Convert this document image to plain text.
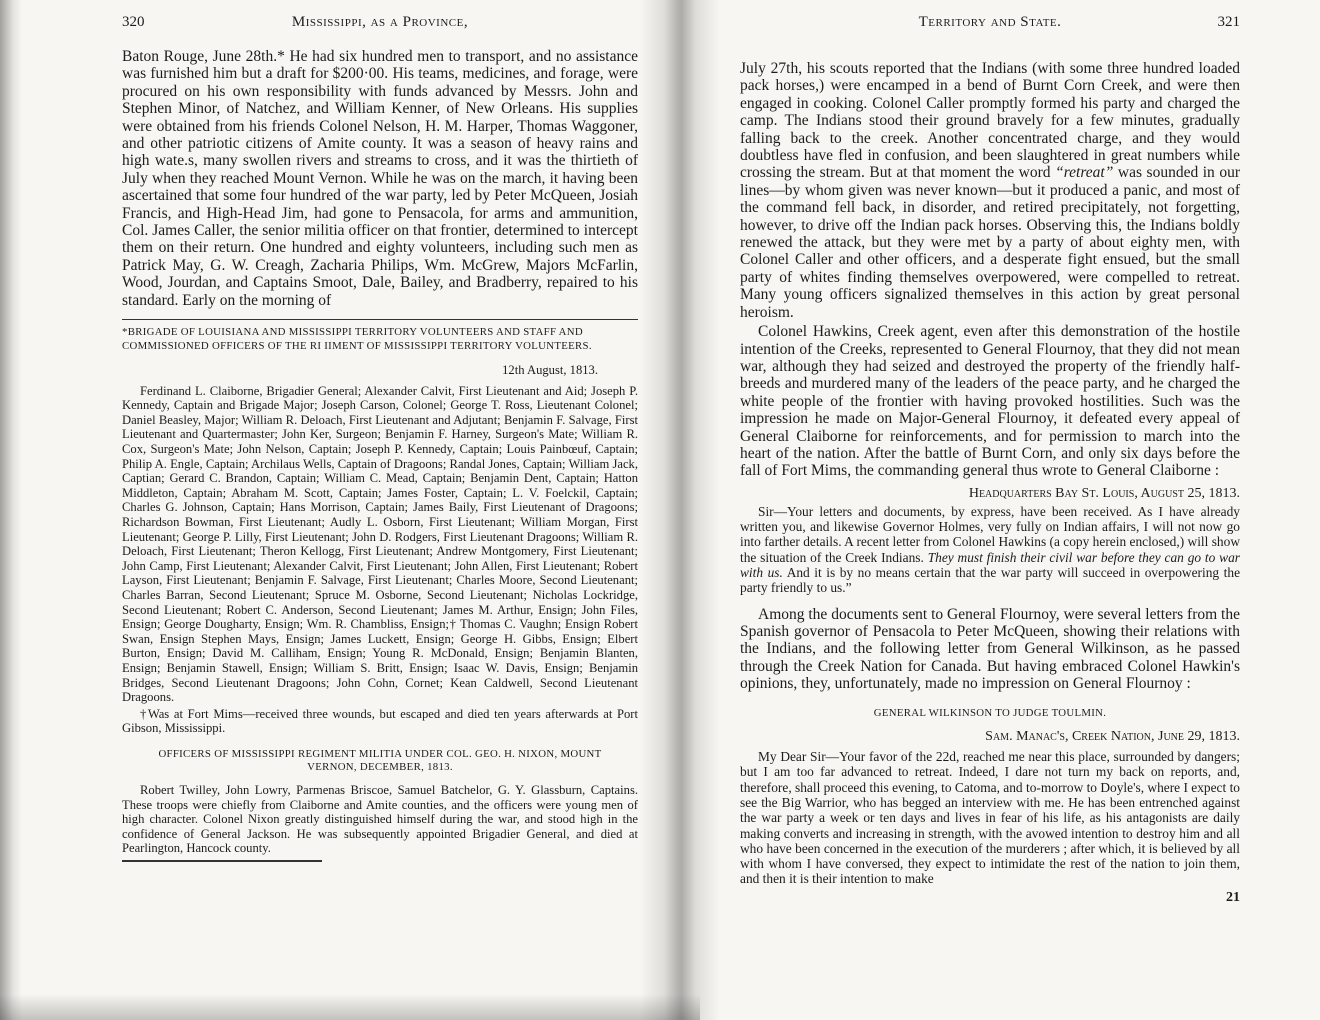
320	Mississippi, as a Province,

Baton Rouge, June 28th.* He had six hundred men to transport, and no assistance was furnished him but a draft for $200·00. His teams, medicines, and forage, were procured on his own responsibility with funds advanced by Messrs. John and Stephen Minor, of Natchez, and William Kenner, of New Orleans. His supplies were obtained from his friends Colonel Nelson, H. M. Harper, Thomas Waggoner, and other patriotic citizens of Amite county. It was a season of heavy rains and high wate.s, many swollen rivers and streams to cross, and it was the thirtieth of July when they reached Mount Vernon. While he was on the march, it having been ascertained that some four hundred of the war party, led by Peter McQueen, Josiah Francis, and High-Head Jim, had gone to Pensacola, for arms and ammunition, Col. James Caller, the senior militia officer on that frontier, determined to intercept them on their return. One hundred and eighty volunteers, including such men as Patrick May, G. W. Creagh, Zacharia Philips, Wm. McGrew, Majors McFarlin, Wood, Jourdan, and Captains Smoot, Dale, Bailey, and Bradberry, repaired to his standard. Early on the morning of

*BRIGADE OF LOUISIANA AND MISSISSIPPI TERRITORY VOLUNTEERS AND STAFF AND COMMISSIONED OFFICERS OF THE RI IIMENT OF MISSISSIPPI TERRITORY VOLUNTEERS.

12th August, 1813.

Ferdinand L. Claiborne, Brigadier General; Alexander Calvit, First Lieutenant and Aid; Joseph P. Kennedy, Captain and Brigade Major; Joseph Carson, Colonel; George T. Ross, Lieutenant Colonel; Daniel Beasley, Major; William R. Deloach, First Lieutenant and Adjutant; Benjamin F. Salvage, First Lieutenant and Quartermaster; John Ker, Surgeon; Benjamin F. Harney, Surgeon's Mate; William R. Cox, Surgeon's Mate; John Nelson, Captain; Joseph P. Kennedy, Captain; Louis Painbœuf, Captain; Philip A. Engle, Captain; Archilaus Wells, Captain of Dragoons; Randal Jones, Captain; William Jack, Captian; Gerard C. Brandon, Captain; William C. Mead, Captain; Benjamin Dent, Captain; Hatton Middleton, Captain; Abraham M. Scott, Captain; James Foster, Captain; L. V. Foelckil, Captain; Charles G. Johnson, Captain; Hans Morrison, Captain; James Baily, First Lieutenant of Dragoons; Richardson Bowman, First Lieutenant; Audly L. Osborn, First Lieutenant; William Morgan, First Lieutenant; George P. Lilly, First Lieutenant; John D. Rodgers, First Lieutenant Dragoons; William R. Deloach, First Lieutenant; Theron Kellogg, First Lieutenant; Andrew Montgomery, First Lieutenant; John Camp, First Lieutenant; Alexander Calvit, First Lieutenant; John Allen, First Lieutenant; Robert Layson, First Lieutenant; Benjamin F. Salvage, First Lieutenant; Charles Moore, Second Lieutenant; Charles Barran, Second Lieutenant; Spruce M. Osborne, Second Lieutenant; Nicholas Lockridge, Second Lieutenant; Robert C. Anderson, Second Lieutenant; James M. Arthur, Ensign; John Files, Ensign; George Dougharty, Ensign; Wm. R. Chambliss, Ensign;† Thomas C. Vaughn; Ensign Robert Swan, Ensign Stephen Mays, Ensign; James Luckett, Ensign; George H. Gibbs, Ensign; Elbert Burton, Ensign; David M. Calliham, Ensign; Young R. McDonald, Ensign; Benjamin Blanten, Ensign; Benjamin Stawell, Ensign; William S. Britt, Ensign; Isaac W. Davis, Ensign; Benjamin Bridges, Second Lieutenant Dragoons; John Cohn, Cornet; Kean Caldwell, Second Lieutenant Dragoons.

†Was at Fort Mims—received three wounds, but escaped and died ten years afterwards at Port Gibson, Mississippi.

OFFICERS OF MISSISSIPPI REGIMENT MILITIA UNDER COL. GEO. H. NIXON, MOUNT VERNON, DECEMBER, 1813.

Robert Twilley, John Lowry, Parmenas Briscoe, Samuel Batchelor, G. Y. Glassburn, Captains. These troops were chiefly from Claiborne and Amite counties, and the officers were young men of high character. Colonel Nixon greatly distinguished himself during the war, and stood high in the confidence of General Jackson. He was subsequently appointed Brigadier General, and died at Pearlington, Hancock county.

Territory and State.	321

July 27th, his scouts reported that the Indians (with some three hundred loaded pack horses,) were encamped in a bend of Burnt Corn Creek, and were then engaged in cooking. Colonel Caller promptly formed his party and charged the camp. The Indians stood their ground bravely for a few minutes, gradually falling back to the creek. Another concentrated charge, and they would doubtless have fled in confusion, and been slaughtered in great numbers while crossing the stream. But at that moment the word “retreat” was sounded in our lines—by whom given was never known—but it produced a panic, and most of the command fell back, in disorder, and retired precipitately, not forgetting, however, to drive off the Indian pack horses. Observing this, the Indians boldly renewed the attack, but they were met by a party of about eighty men, with Colonel Caller and other officers, and a desperate fight ensued, but the small party of whites finding themselves overpowered, were compelled to retreat. Many young officers signalized themselves in this action by great personal heroism.

Colonel Hawkins, Creek agent, even after this demonstration of the hostile intention of the Creeks, represented to General Flournoy, that they did not mean war, although they had seized and destroyed the property of the friendly half-breeds and murdered many of the leaders of the peace party, and he charged the white people of the frontier with having provoked hostilities. Such was the impression he made on Major-General Flournoy, it defeated every appeal of General Claiborne for reinforcements, and for permission to march into the heart of the nation. After the battle of Burnt Corn, and only six days before the fall of Fort Mims, the commanding general thus wrote to General Claiborne :

Headquarters Bay St. Louis, August 25, 1813.

Sir—Your letters and documents, by express, have been received. As I have already written you, and likewise Governor Holmes, very fully on Indian affairs, I will not now go into farther details. A recent letter from Colonel Hawkins (a copy herein enclosed,) will show the situation of the Creek Indians. They must finish their civil war before they can go to war with us. And it is by no means certain that the war party will succeed in overpowering the party friendly to us.”

Among the documents sent to General Flournoy, were several letters from the Spanish governor of Pensacola to Peter McQueen, showing their relations with the Indians, and the following letter from General Wilkinson, as he passed through the Creek Nation for Canada. But having embraced Colonel Hawkin's opinions, they, unfortunately, made no impression on General Flournoy :

GENERAL WILKINSON TO JUDGE TOULMIN.

Sam. Manac's, Creek Nation, June 29, 1813.

My Dear Sir—Your favor of the 22d, reached me near this place, surrounded by dangers; but I am too far advanced to retreat. Indeed, I dare not turn my back on reports, and, therefore, shall proceed this evening, to Catoma, and to-morrow to Doyle's, where I expect to see the Big Warrior, who has begged an interview with me. He has been entrenched against the war party a week or ten days and lives in fear of his life, as his antagonists are daily making converts and increasing in strength, with the avowed intention to destroy him and all who have been concerned in the execution of the murderers ; after which, it is believed by all with whom I have conversed, they expect to intimidate the rest of the nation to join them, and then it is their intention to make

21
